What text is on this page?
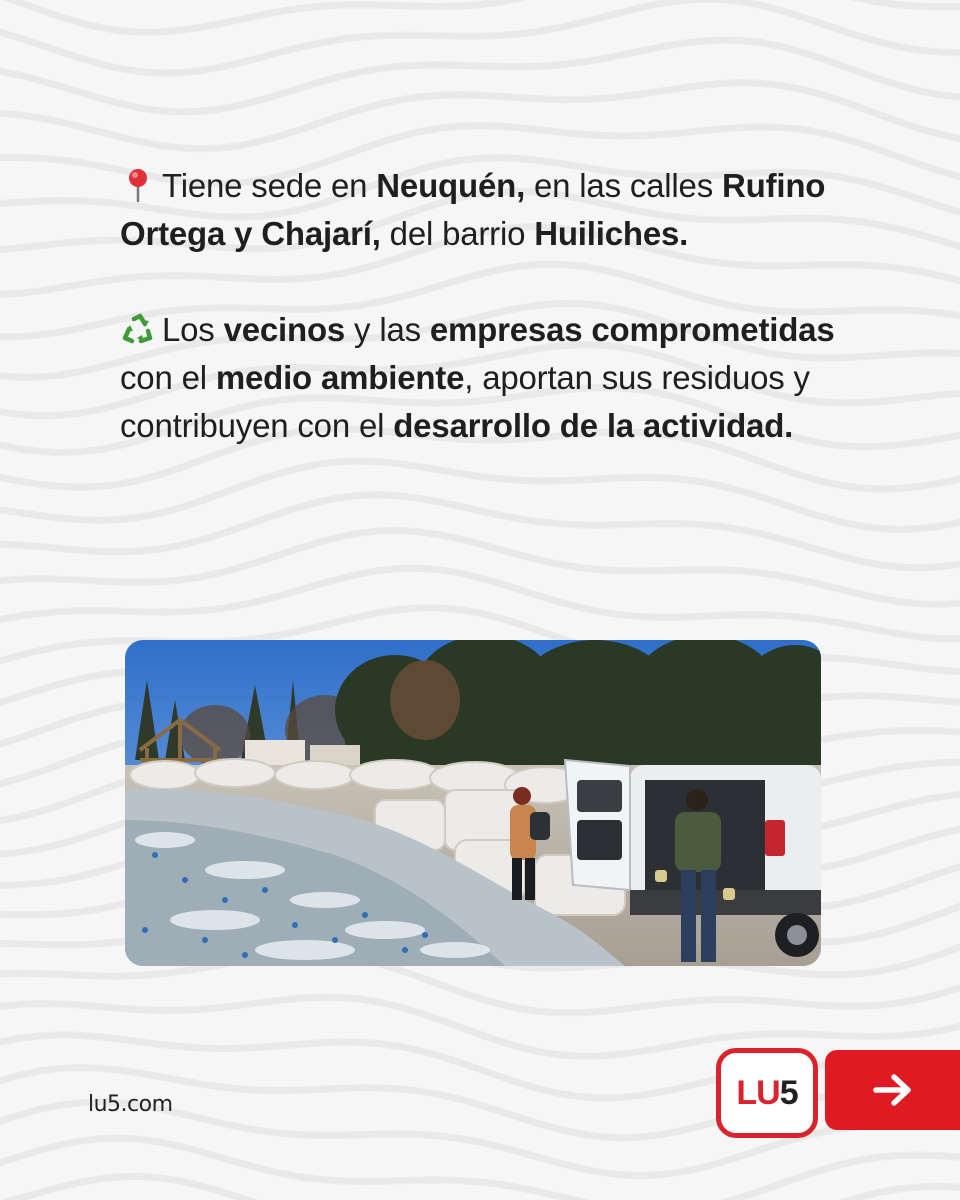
Tiene sede en Neuquén, en las calles Rufino Ortega y Chajarí, del barrio Huiliches.

Los vecinos y las empresas comprometidas con el medio ambiente, aportan sus residuos y contribuyen con el desarrollo de la actividad.

lu5.com	LU5
